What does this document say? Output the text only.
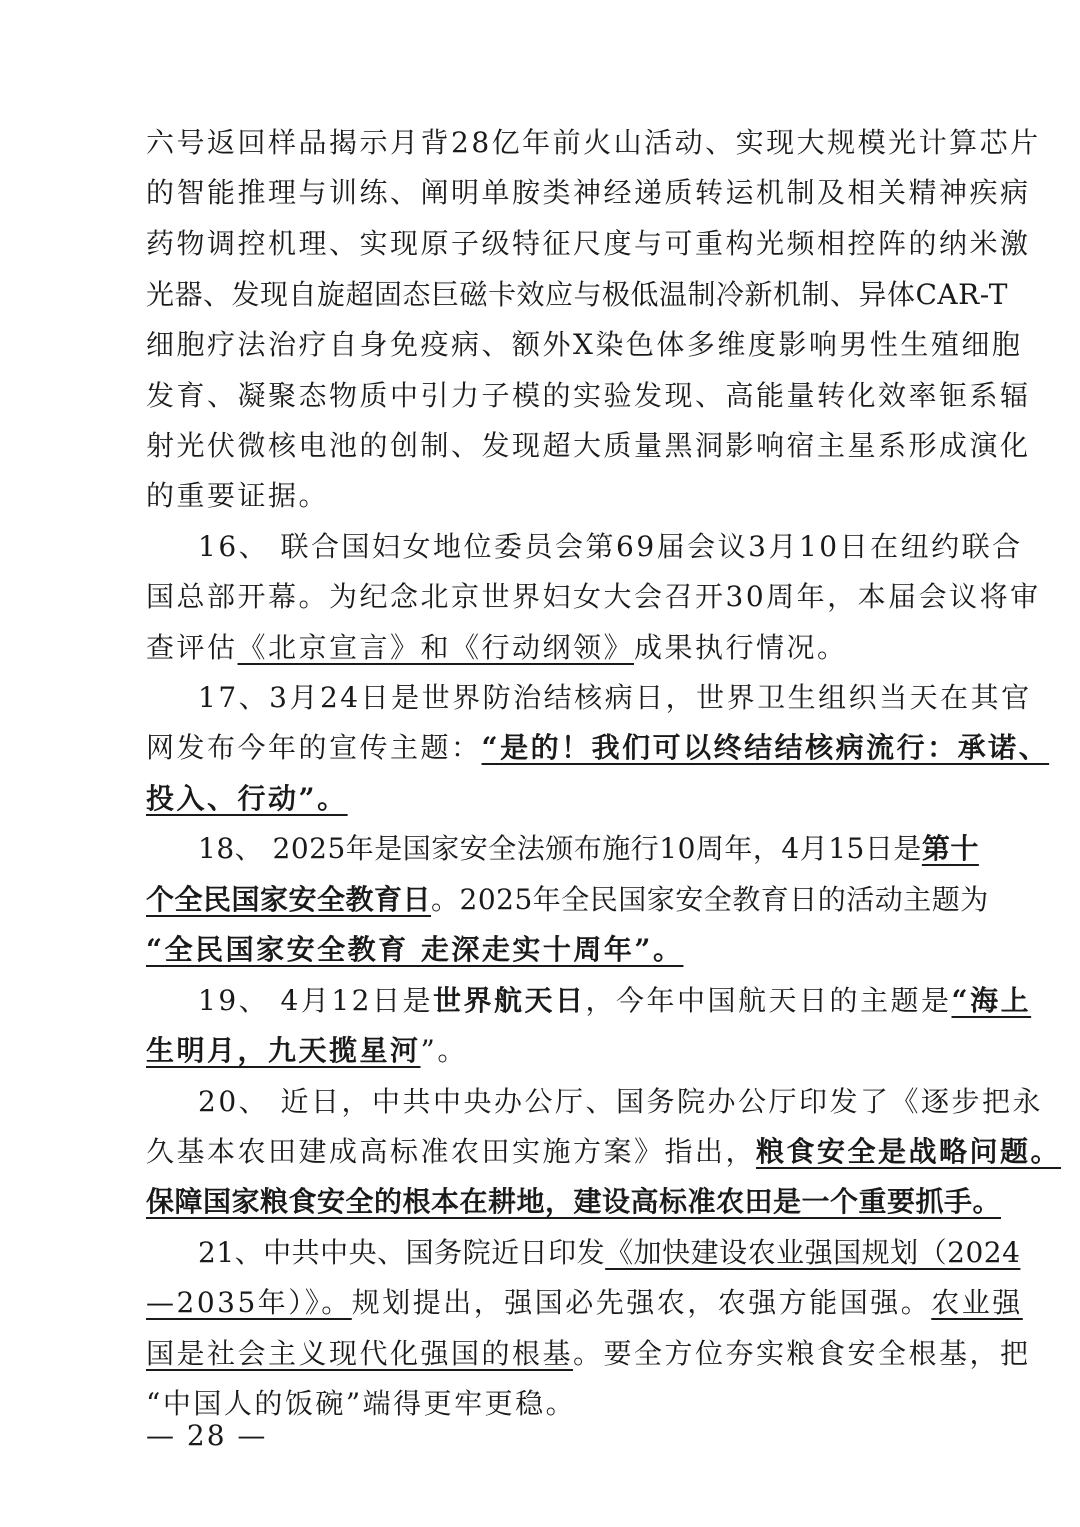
六号返回样品揭示月背28亿年前火山活动、实现大规模光计算芯片
的智能推理与训练、阐明单胺类神经递质转运机制及相关精神疾病
药物调控机理、实现原子级特征尺度与可重构光频相控阵的纳米激
光器、发现自旋超固态巨磁卡效应与极低温制冷新机制、异体CAR-T
细胞疗法治疗自身免疫病、额外X染色体多维度影响男性生殖细胞
发育、凝聚态物质中引力子模的实验发现、高能量转化效率钷系辐
射光伏微核电池的创制、发现超大质量黑洞影响宿主星系形成演化
的重要证据。
16、 联合国妇女地位委员会第69届会议3月10日在纽约联合
国总部开幕。为纪念北京世界妇女大会召开30周年，本届会议将审
查评估《北京宣言》和《行动纲领》成果执行情况。
17、3月24日是世界防治结核病日，世界卫生组织当天在其官
网发布今年的宣传主题：“是的！我们可以终结结核病流行：承诺、
投入、行动”。
18、 2025年是国家安全法颁布施行10周年，4月15日是第十
个全民国家安全教育日。2025年全民国家安全教育日的活动主题为
“全民国家安全教育 走深走实十周年”。
19、 4月12日是世界航天日，今年中国航天日的主题是“海上
生明月，九天揽星河”。
20、 近日，中共中央办公厅、国务院办公厅印发了《逐步把永
久基本农田建成高标准农田实施方案》指出，粮食安全是战略问题。
保障国家粮食安全的根本在耕地，建设高标准农田是一个重要抓手。
21、中共中央、国务院近日印发《加快建设农业强国规划（2024
—2035年）》。规划提出，强国必先强农，农强方能国强。农业强
国是社会主义现代化强国的根基。要全方位夯实粮食安全根基，把
“中国人的饭碗”端得更牢更稳。
— 28 —
